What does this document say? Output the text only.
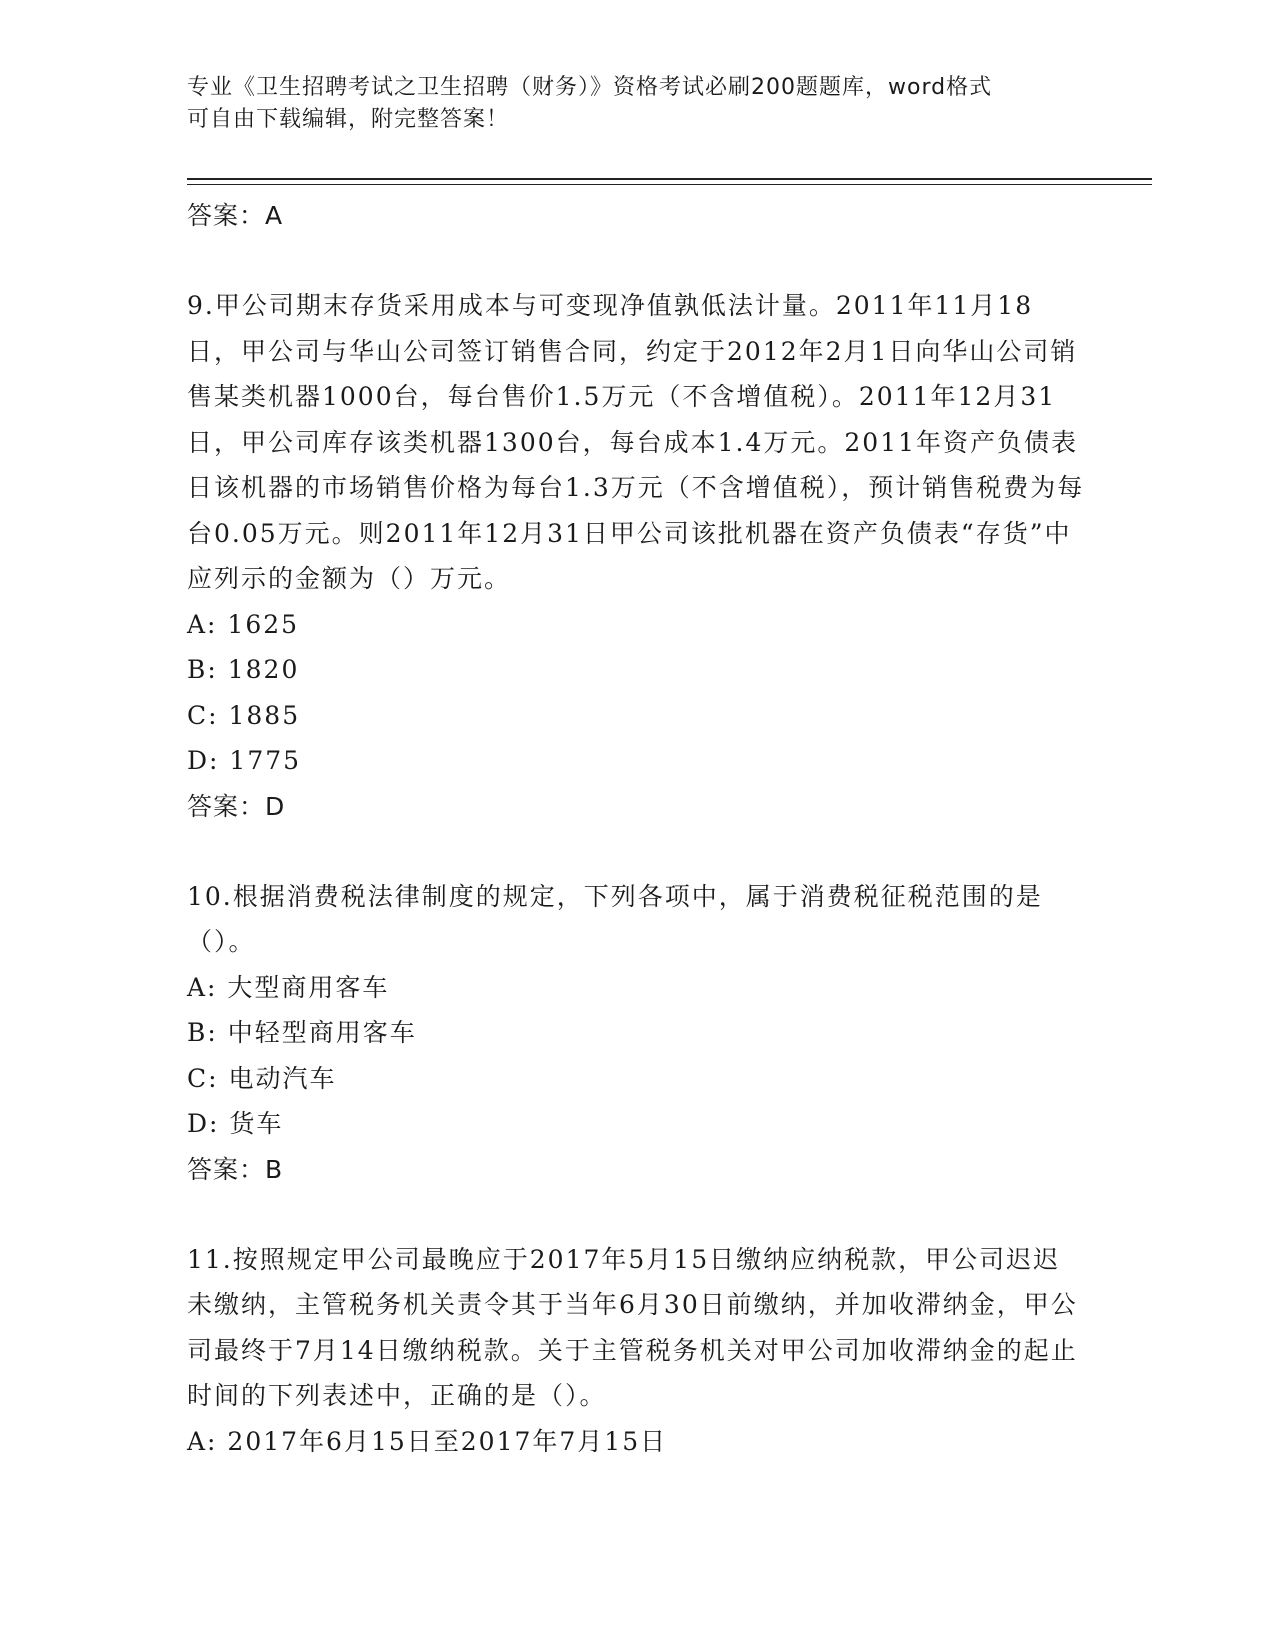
专业《卫生招聘考试之卫生招聘（财务）》资格考试必刷200题题库，word格式
可自由下载编辑，附完整答案！
答案：A
9.甲公司期末存货采用成本与可变现净值孰低法计量。2011年11月18日，甲公司与华山公司签订销售合同，约定于2012年2月1日向华山公司销售某类机器1000台，每台售价1.5万元（不含增值税）。2011年12月31日，甲公司库存该类机器1300台，每台成本1.4万元。2011年资产负债表日该机器的市场销售价格为每台1.3万元（不含增值税），预计销售税费为每台0.05万元。则2011年12月31日甲公司该批机器在资产负债表“存货”中应列示的金额为（）万元。
A: 1625
B: 1820
C: 1885
D: 1775
答案：D
10.根据消费税法律制度的规定，下列各项中，属于消费税征税范围的是（）。
A: 大型商用客车
B: 中轻型商用客车
C: 电动汽车
D: 货车
答案：B
11.按照规定甲公司最晚应于2017年5月15日缴纳应纳税款，甲公司迟迟未缴纳，主管税务机关责令其于当年6月30日前缴纳，并加收滞纳金，甲公司最终于7月14日缴纳税款。关于主管税务机关对甲公司加收滞纳金的起止时间的下列表述中，正确的是（）。
A: 2017年6月15日至2017年7月15日
